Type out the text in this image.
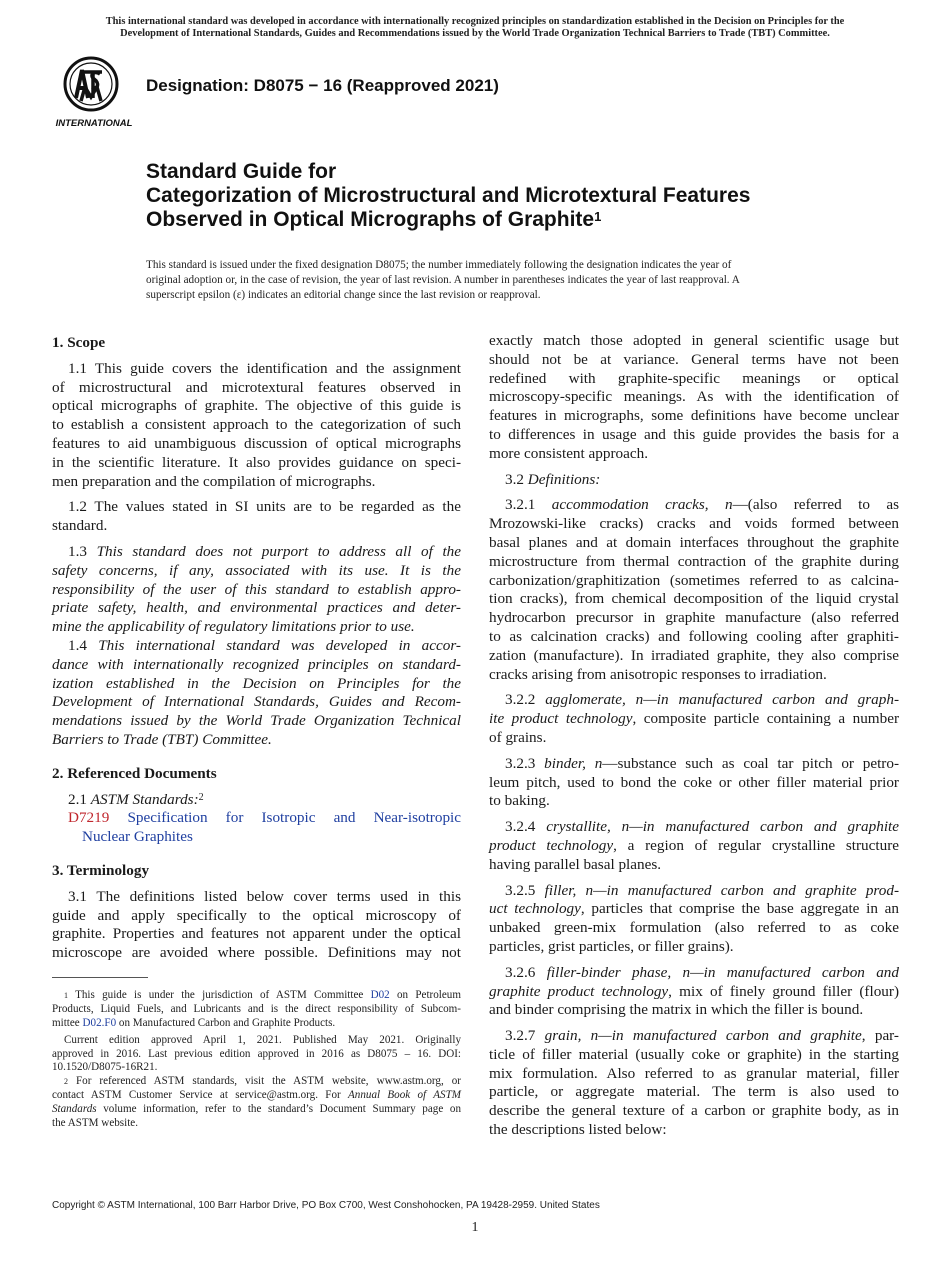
This international standard was developed in accordance with internationally recognized principles on standardization established in the Decision on Principles for the
Development of International Standards, Guides and Recommendations issued by the World Trade Organization Technical Barriers to Trade (TBT) Committee.
INTERNATIONAL
Designation: D8075 − 16 (Reapproved 2021)
Standard Guide for
Categorization of Microstructural and Microtextural Features
Observed in Optical Micrographs of Graphite$^1$
This standard is issued under the fixed designation D8075; the number immediately following the designation indicates the year of
original adoption or, in the case of revision, the year of last revision. A number in parentheses indicates the year of last reapproval. A
superscript epsilon (ε) indicates an editorial change since the last revision or reapproval.
1. Scope
1.1 This guide covers the identification and the assignment
of microstructural and microtextural features observed in
optical micrographs of graphite. The objective of this guide is
to establish a consistent approach to the categorization of such
features to aid unambiguous discussion of optical micrographs
in the scientific literature. It also provides guidance on speci-
men preparation and the compilation of micrographs.
1.2 The values stated in SI units are to be regarded as the
standard.
1.3 This standard does not purport to address all of the
safety concerns, if any, associated with its use. It is the
responsibility of the user of this standard to establish appro-
priate safety, health, and environmental practices and deter-
mine the applicability of regulatory limitations prior to use.
1.4 This international standard was developed in accor-
dance with internationally recognized principles on standard-
ization established in the Decision on Principles for the
Development of International Standards, Guides and Recom-
mendations issued by the World Trade Organization Technical
Barriers to Trade (TBT) Committee.
2. Referenced Documents
2.1 ASTM Standards:$^2$
D7219 Specification for Isotropic and Near-isotropic
Nuclear Graphites
3. Terminology
3.1 The definitions listed below cover terms used in this
guide and apply specifically to the optical microscopy of
graphite. Properties and features not apparent under the optical
microscope are avoided where possible. Definitions may not
$^1$ This guide is under the jurisdiction of ASTM Committee D02 on Petroleum
Products, Liquid Fuels, and Lubricants and is the direct responsibility of Subcom-
mittee D02.F0 on Manufactured Carbon and Graphite Products.
Current edition approved April 1, 2021. Published May 2021. Originally
approved in 2016. Last previous edition approved in 2016 as D8075 – 16. DOI:
10.1520/D8075-16R21.
$^2$ For referenced ASTM standards, visit the ASTM website, www.astm.org, or
contact ASTM Customer Service at service@astm.org. For Annual Book of ASTM
Standards volume information, refer to the standard’s Document Summary page on
the ASTM website.
exactly match those adopted in general scientific usage but
should not be at variance. General terms have not been
redefined with graphite-specific meanings or optical
microscopy-specific meanings. As with the identification of
features in micrographs, some definitions have become unclear
to differences in usage and this guide provides the basis for a
more consistent approach.
3.2 Definitions:
3.2.1 accommodation cracks, n—(also referred to as
Mrozowski-like cracks) cracks and voids formed between
basal planes and at domain interfaces throughout the graphite
microstructure from thermal contraction of the graphite during
carbonization/graphitization (sometimes referred to as calcina-
tion cracks), from chemical decomposition of the liquid crystal
hydrocarbon precursor in graphite manufacture (also referred
to as calcination cracks) and following cooling after graphiti-
zation (manufacture). In irradiated graphite, they also comprise
cracks arising from anisotropic responses to irradiation.
3.2.2 agglomerate, n—in manufactured carbon and graph-
ite product technology, composite particle containing a number
of grains.
3.2.3 binder, n—substance such as coal tar pitch or petro-
leum pitch, used to bond the coke or other filler material prior
to baking.
3.2.4 crystallite, n—in manufactured carbon and graphite
product technology, a region of regular crystalline structure
having parallel basal planes.
3.2.5 filler, n—in manufactured carbon and graphite prod-
uct technology, particles that comprise the base aggregate in an
unbaked green-mix formulation (also referred to as coke
particles, grist particles, or filler grains).
3.2.6 filler-binder phase, n—in manufactured carbon and
graphite product technology, mix of finely ground filler (flour)
and binder comprising the matrix in which the filler is bound.
3.2.7 grain, n—in manufactured carbon and graphite, par-
ticle of filler material (usually coke or graphite) in the starting
mix formulation. Also referred to as granular material, filler
particle, or aggregate material. The term is also used to
describe the general texture of a carbon or graphite body, as in
the descriptions listed below:
Copyright © ASTM International, 100 Barr Harbor Drive, PO Box C700, West Conshohocken, PA 19428-2959. United States
1
